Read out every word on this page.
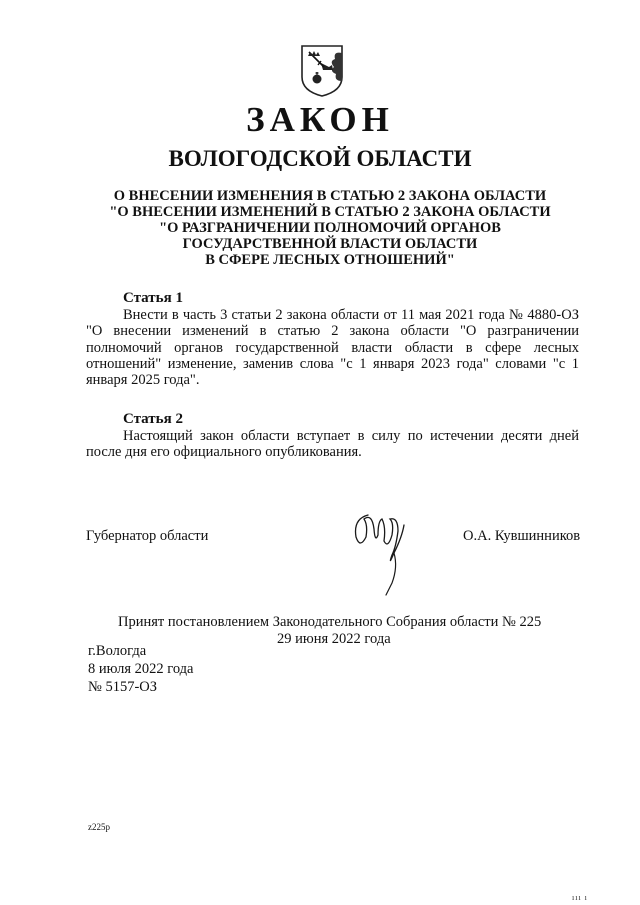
ЗАКОН
ВОЛОГОДСКОЙ ОБЛАСТИ
О ВНЕСЕНИИ ИЗМЕНЕНИЯ В СТАТЬЮ 2 ЗАКОНА ОБЛАСТИ
"О ВНЕСЕНИИ ИЗМЕНЕНИЙ В СТАТЬЮ 2 ЗАКОНА ОБЛАСТИ
"О РАЗГРАНИЧЕНИИ ПОЛНОМОЧИЙ ОРГАНОВ
ГОСУДАРСТВЕННОЙ ВЛАСТИ ОБЛАСТИ
В СФЕРЕ ЛЕСНЫХ ОТНОШЕНИЙ"
Статья 1
Внести в часть 3 статьи 2 закона области от 11 мая 2021 года № 4880-ОЗ "О внесении изменений в статью 2 закона области "О разграничении полномочий органов государственной власти области в сфере лесных отношений" изменение, заменив слова "с 1 января 2023 года" словами "с 1 января 2025 года".
Статья 2
Настоящий закон области вступает в силу по истечении десяти дней после дня его официального опубликования.
Губернатор области	О.А. Кувшинников
Принят постановлением Законодательного Собрания области № 225
29 июня 2022 года
г.Вологда
8 июля 2022 года
№ 5157-ОЗ
z225p
ııı ı
